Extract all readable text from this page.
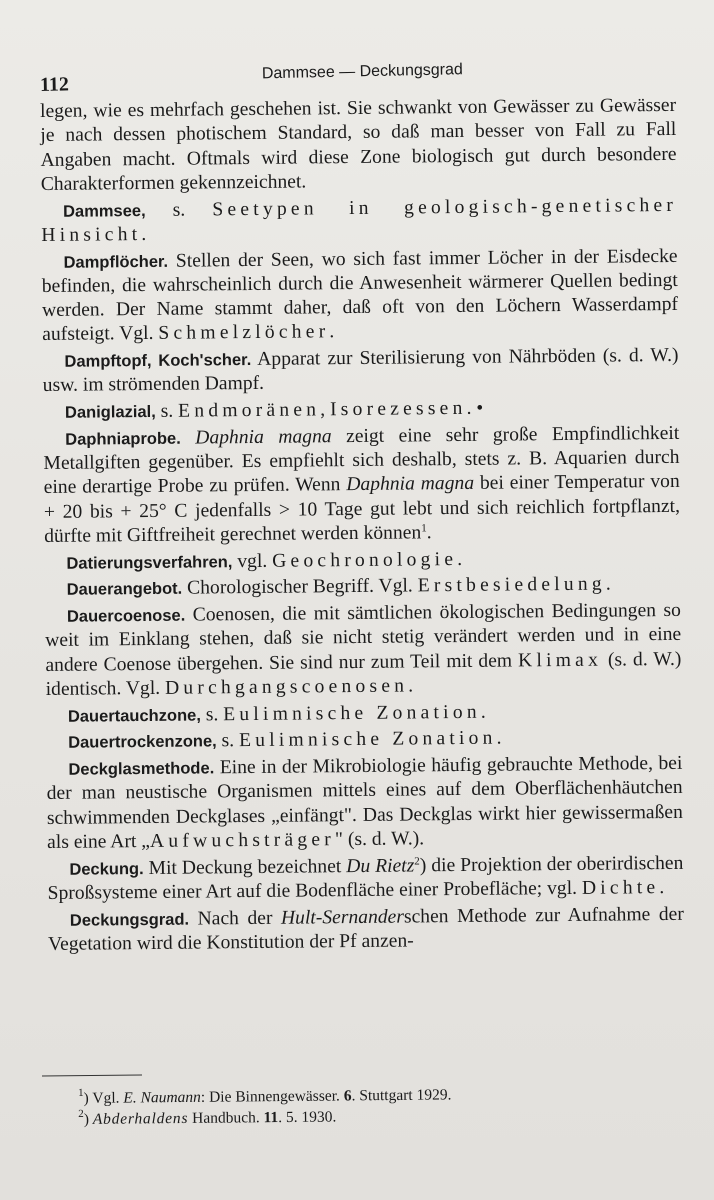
112
Dammsee — Deckungsgrad

legen, wie es mehrfach geschehen ist. Sie schwankt von Gewässer zu Gewässer je nach dessen photischem Standard, so daß man besser von Fall zu Fall Angaben macht. Oftmals wird diese Zone biologisch gut durch besondere Charakterformen gekennzeichnet.

Dammsee, s. Seetypen in geologisch-genetischer Hinsicht.

Dampflöcher. Stellen der Seen, wo sich fast immer Löcher in der Eisdecke befinden, die wahrscheinlich durch die Anwesenheit wärmerer Quellen bedingt werden. Der Name stammt daher, daß oft von den Löchern Wasserdampf aufsteigt. Vgl. Schmelzlöcher.

Dampftopf, Koch'scher. Apparat zur Sterilisierung von Nährböden (s. d. W.) usw. im strömenden Dampf.

Daniglazial, s. Endmoränen, Isorezessen. •

Daphniaprobe. Daphnia magna zeigt eine sehr große Empfindlichkeit Metallgiften gegenüber. Es empfiehlt sich deshalb, stets z. B. Aquarien durch eine derartige Probe zu prüfen. Wenn Daphnia magna bei einer Temperatur von + 20 bis + 25° C jedenfalls > 10 Tage gut lebt und sich reichlich fortpflanzt, dürfte mit Giftfreiheit gerechnet werden können$^1$.

Datierungsverfahren, vgl. Geochronologie.

Dauerangebot. Chorologischer Begriff. Vgl. Erstbesiedelung.

Dauercoenose. Coenosen, die mit sämtlichen ökologischen Bedingungen so weit im Einklang stehen, daß sie nicht stetig verändert werden und in eine andere Coenose übergehen. Sie sind nur zum Teil mit dem Klimax (s. d. W.) identisch. Vgl. Durchgangscoenosen.

Dauertauchzone, s. Eulimnische Zonation.

Dauertrockenzone, s. Eulimnische Zonation.

Deckglasmethode. Eine in der Mikrobiologie häufig gebrauchte Methode, bei der man neustische Organismen mittels eines auf dem Oberflächenhäutchen schwimmenden Deckglases „einfängt". Das Deckglas wirkt hier gewissermaßen als eine Art „Aufwuchsträger" (s. d. W.).

Deckung. Mit Deckung bezeichnet Du Rietz$^2$) die Projektion der oberirdischen Sproßsysteme einer Art auf die Bodenfläche einer Probefläche; vgl. Dichte.

Deckungsgrad. Nach der Hult-Sernanderschen Methode zur Aufnahme der Vegetation wird die Konstitution der Pf anzen-

$^1$) Vgl. E. Naumann: Die Binnengewässer. 6. Stuttgart 1929.
$^2$) Abderhaldens Handbuch. 11. 5. 1930.
